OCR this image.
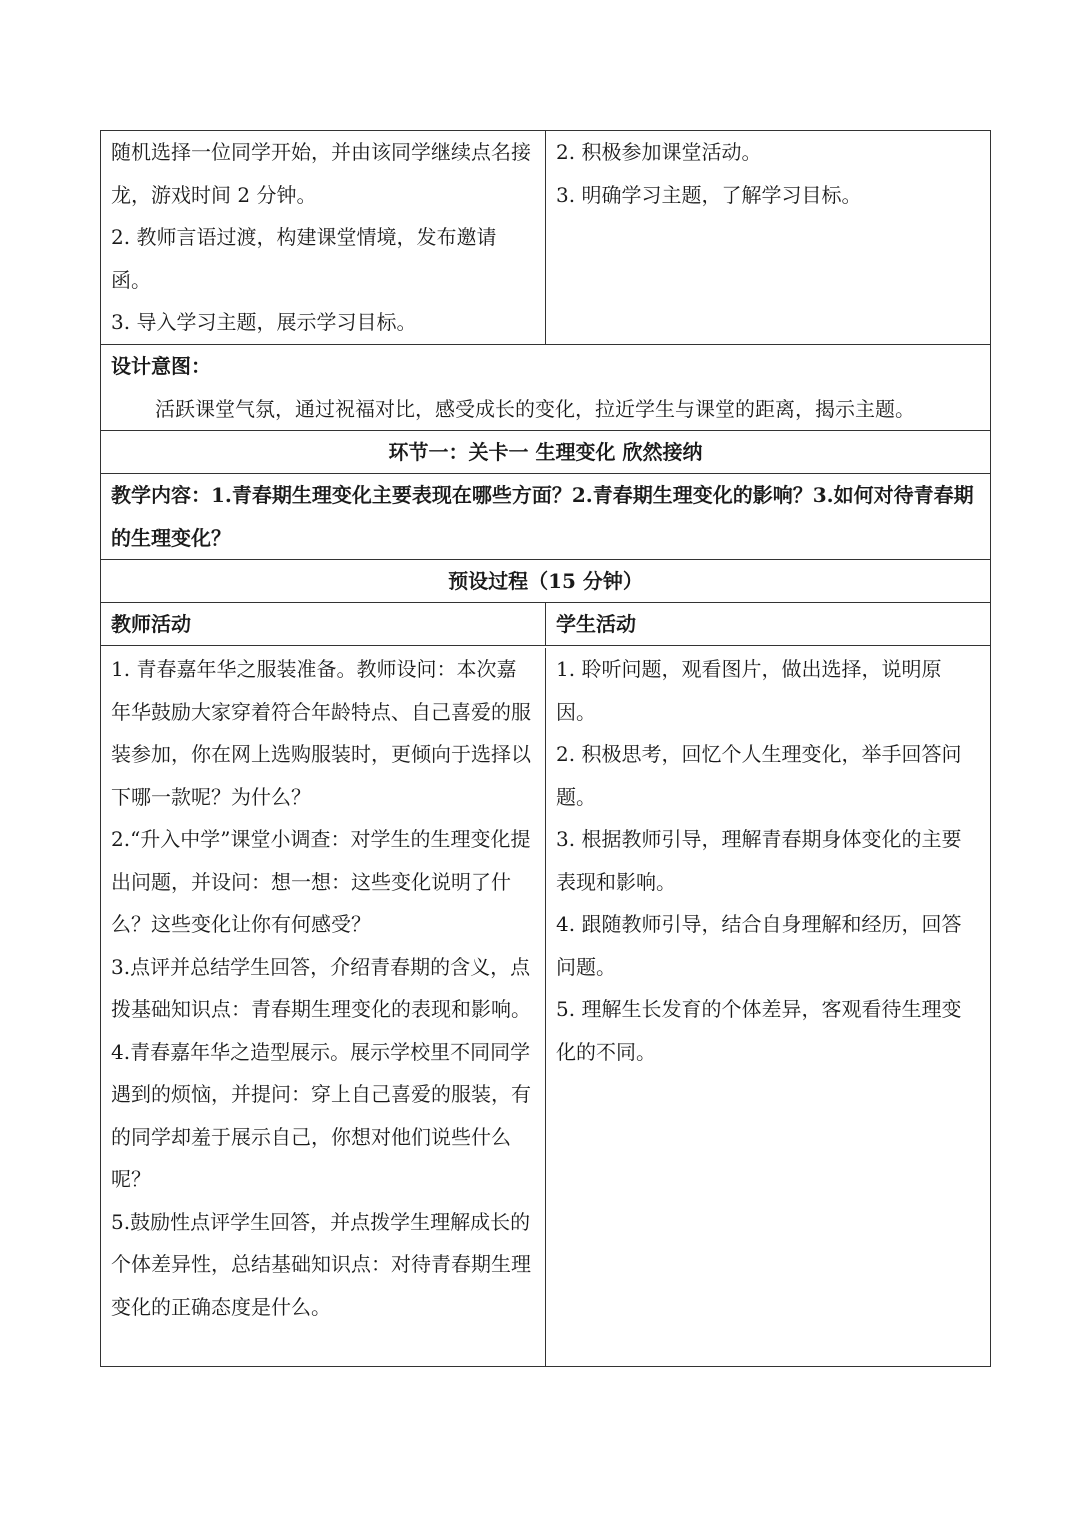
随机选择一位同学开始，并由该同学继续点名接龙，游戏时间 2 分钟。

2. 教师言语过渡，构建课堂情境，发布邀请函。

3. 导入学习主题，展示学习目标。

2. 积极参加课堂活动。

3. 明确学习主题，了解学习目标。

设计意图：

活跃课堂气氛，通过祝福对比，感受成长的变化，拉近学生与课堂的距离，揭示主题。

环节一：关卡一 生理变化 欣然接纳
教学内容：1.青春期生理变化主要表现在哪些方面？2.青春期生理变化的影响？3.如何对待青春期的生理变化？
预设过程（15 分钟）
教师活动	学生活动

1. 青春嘉年华之服装准备。教师设问：本次嘉年华鼓励大家穿着符合年龄特点、自己喜爱的服装参加，你在网上选购服装时，更倾向于选择以下哪一款呢？为什么？

2.“升入中学”课堂小调查：对学生的生理变化提出问题，并设问：想一想：这些变化说明了什么？这些变化让你有何感受？

3.点评并总结学生回答，介绍青春期的含义，点拨基础知识点：青春期生理变化的表现和影响。

4.青春嘉年华之造型展示。展示学校里不同同学遇到的烦恼，并提问：穿上自己喜爱的服装，有的同学却羞于展示自己，你想对他们说些什么呢？

5.鼓励性点评学生回答，并点拨学生理解成长的个体差异性，总结基础知识点：对待青春期生理变化的正确态度是什么。

1. 聆听问题，观看图片，做出选择，说明原因。

2. 积极思考，回忆个人生理变化，举手回答问题。

3. 根据教师引导，理解青春期身体变化的主要表现和影响。

4. 跟随教师引导，结合自身理解和经历，回答问题。

5. 理解生长发育的个体差异，客观看待生理变化的不同。
